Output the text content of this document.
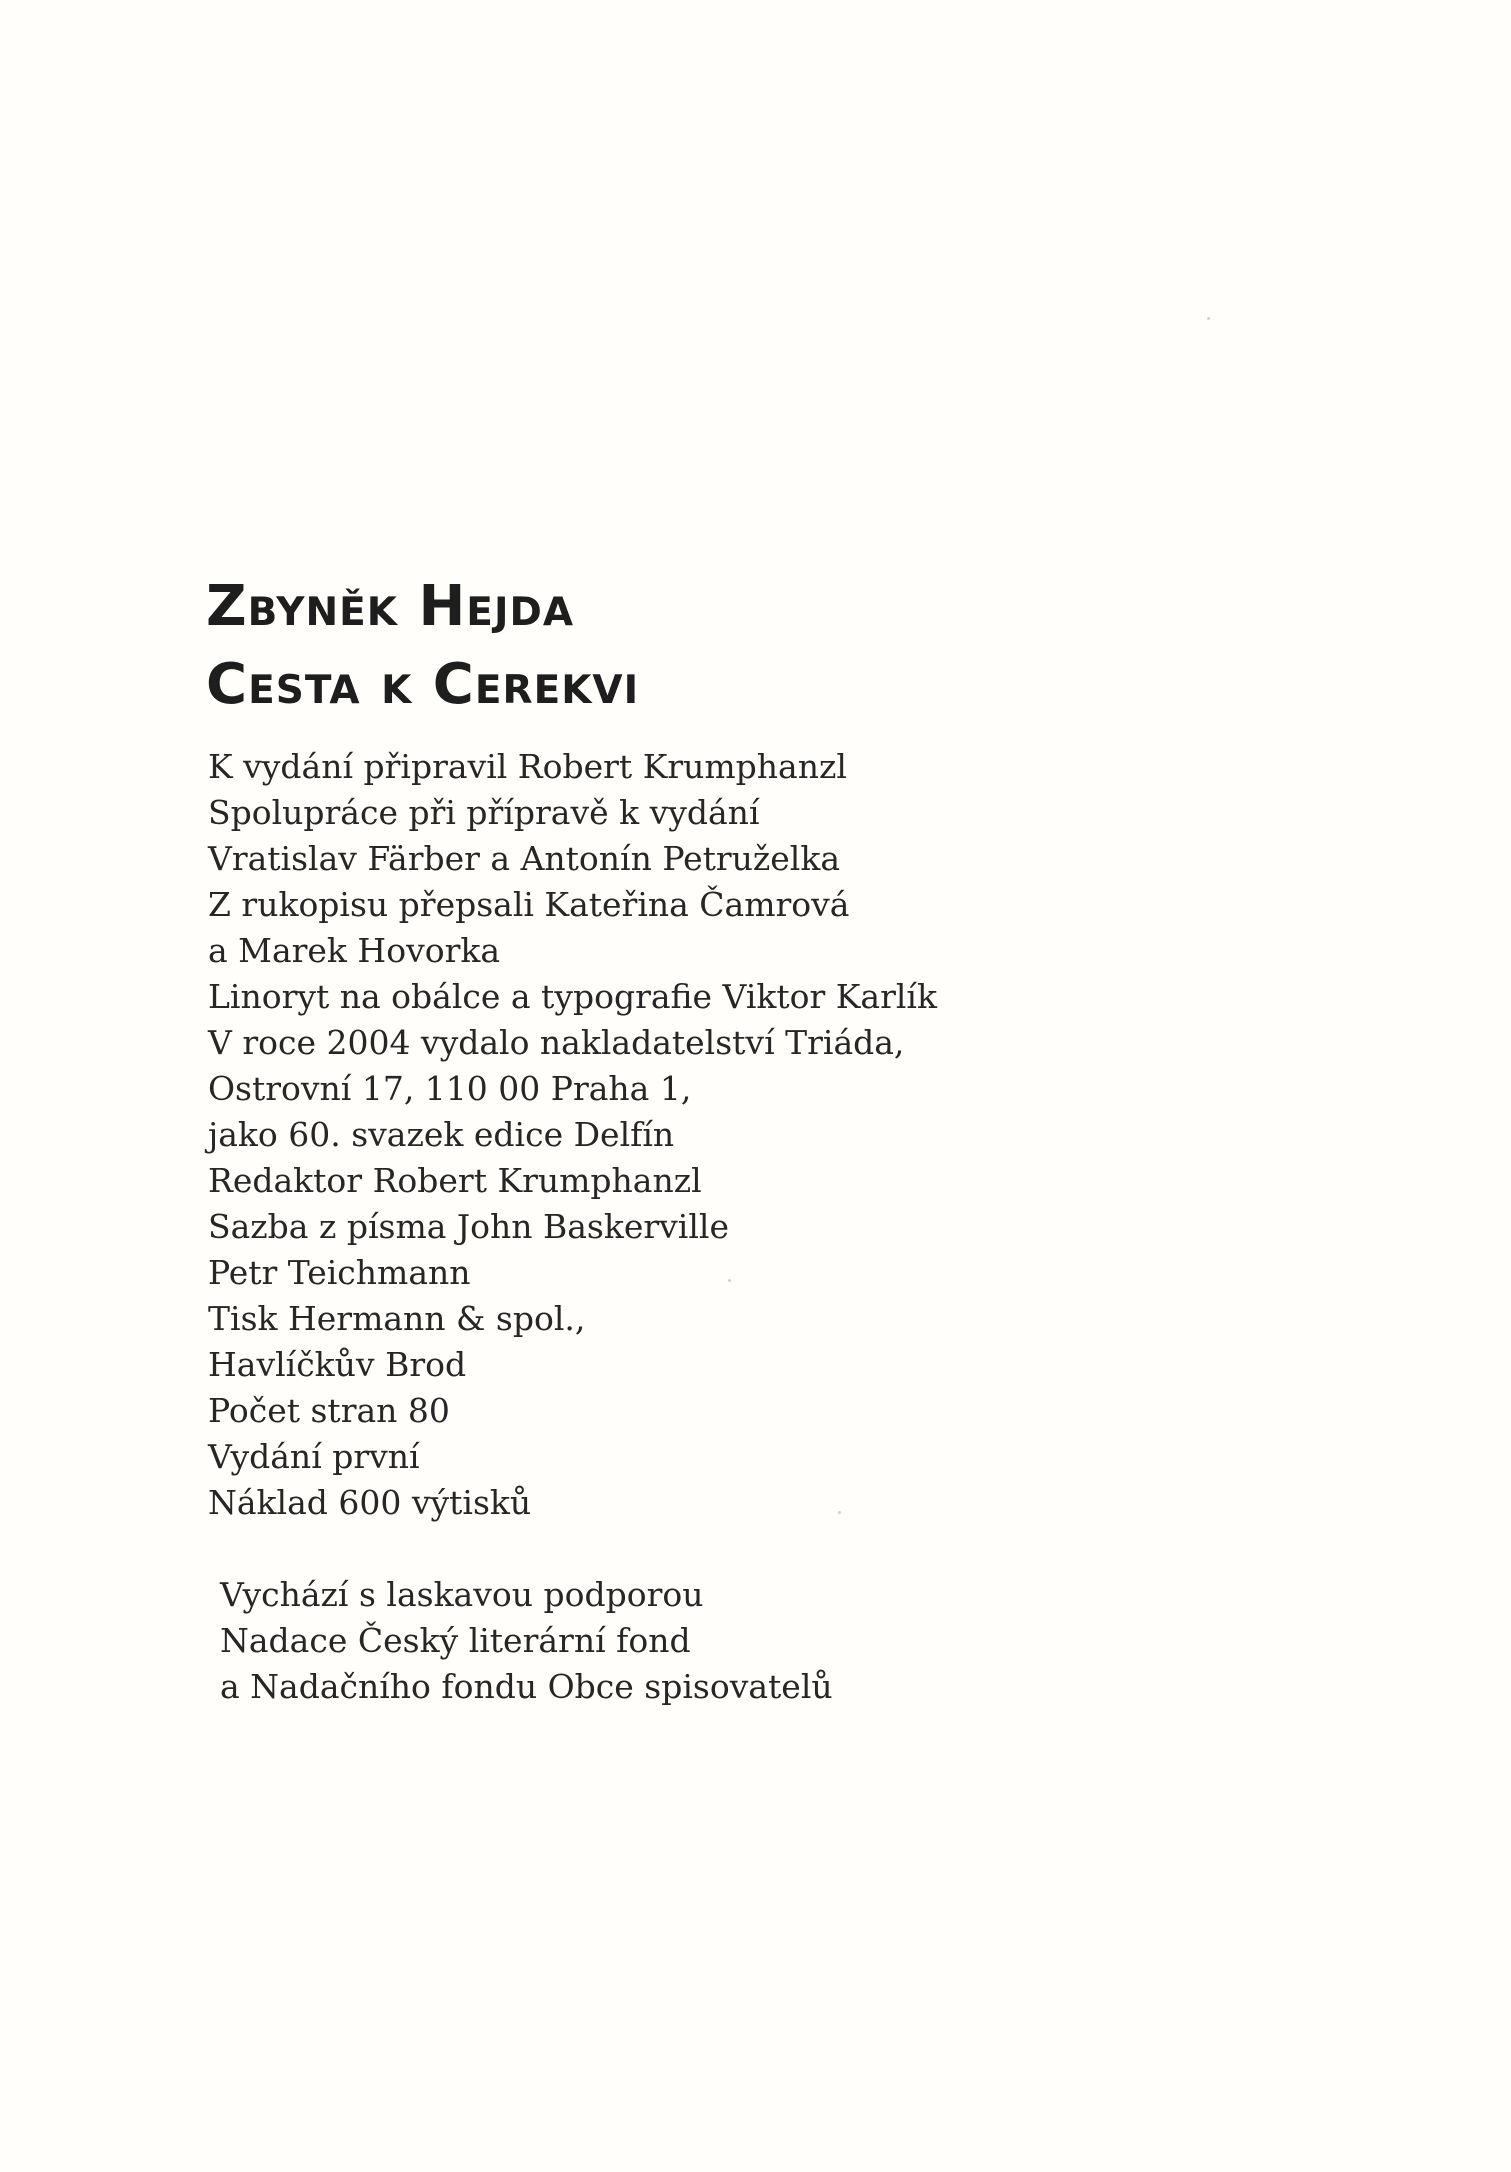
Zbyněk Hejda
Cesta k Cerekvi
K vydání připravil Robert Krumphanzl
Spolupráce při přípravě k vydání
Vratislav Färber a Antonín Petruželka
Z rukopisu přepsali Kateřina Čamrová
a Marek Hovorka
Linoryt na obálce a typografie Viktor Karlík
V roce 2004 vydalo nakladatelství Triáda,
Ostrovní 17, 110 00 Praha 1,
jako 60. svazek edice Delfín
Redaktor Robert Krumphanzl
Sazba z písma John Baskerville
Petr Teichmann
Tisk Hermann & spol.,
Havlíčkův Brod
Počet stran 80
Vydání první
Náklad 600 výtisků
Vychází s laskavou podporou
Nadace Český literární fond
a Nadačního fondu Obce spisovatelů
